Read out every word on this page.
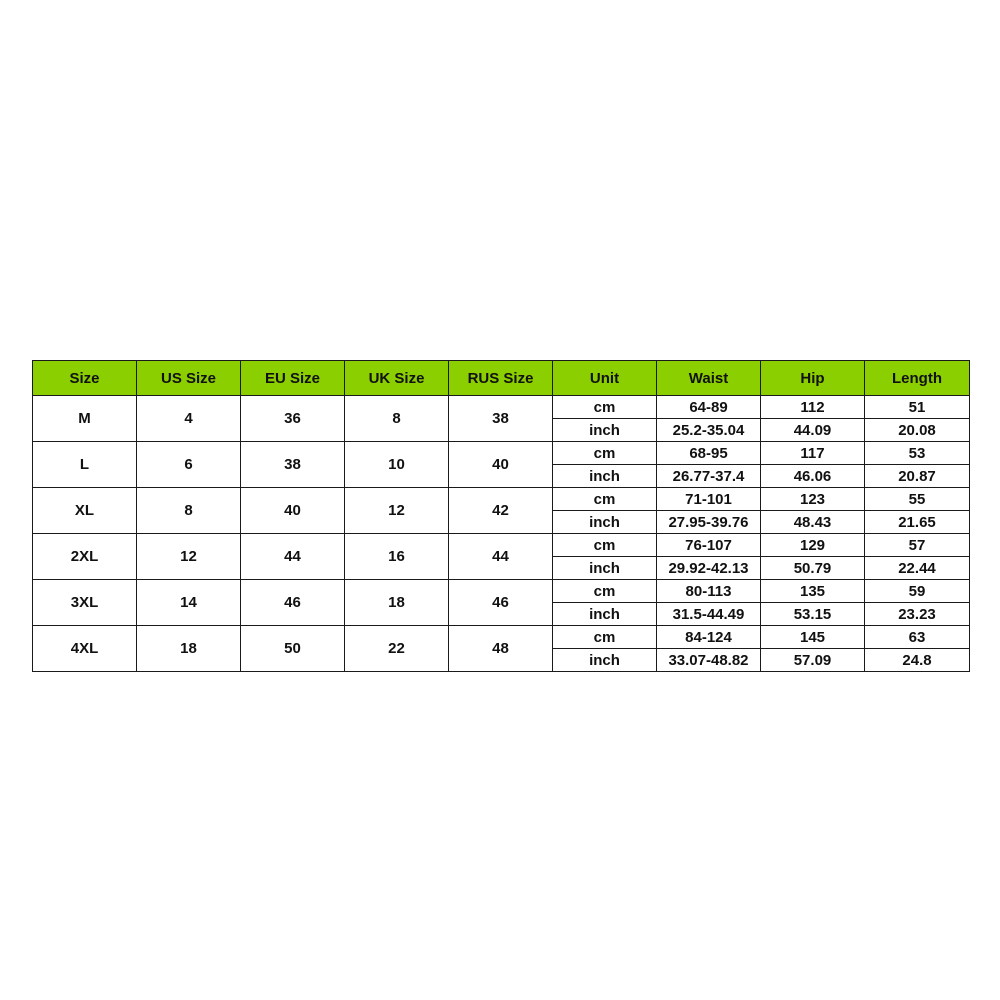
Size	US Size	EU Size	UK Size	RUS Size	Unit	Waist	Hip	Length
M	4	36	8	38	cm	64-89	112	51
					inch	25.2-35.04	44.09	20.08
L	6	38	10	40	cm	68-95	117	53
					inch	26.77-37.4	46.06	20.87
XL	8	40	12	42	cm	71-101	123	55
					inch	27.95-39.76	48.43	21.65
2XL	12	44	16	44	cm	76-107	129	57
					inch	29.92-42.13	50.79	22.44
3XL	14	46	18	46	cm	80-113	135	59
					inch	31.5-44.49	53.15	23.23
4XL	18	50	22	48	cm	84-124	145	63
					inch	33.07-48.82	57.09	24.8
